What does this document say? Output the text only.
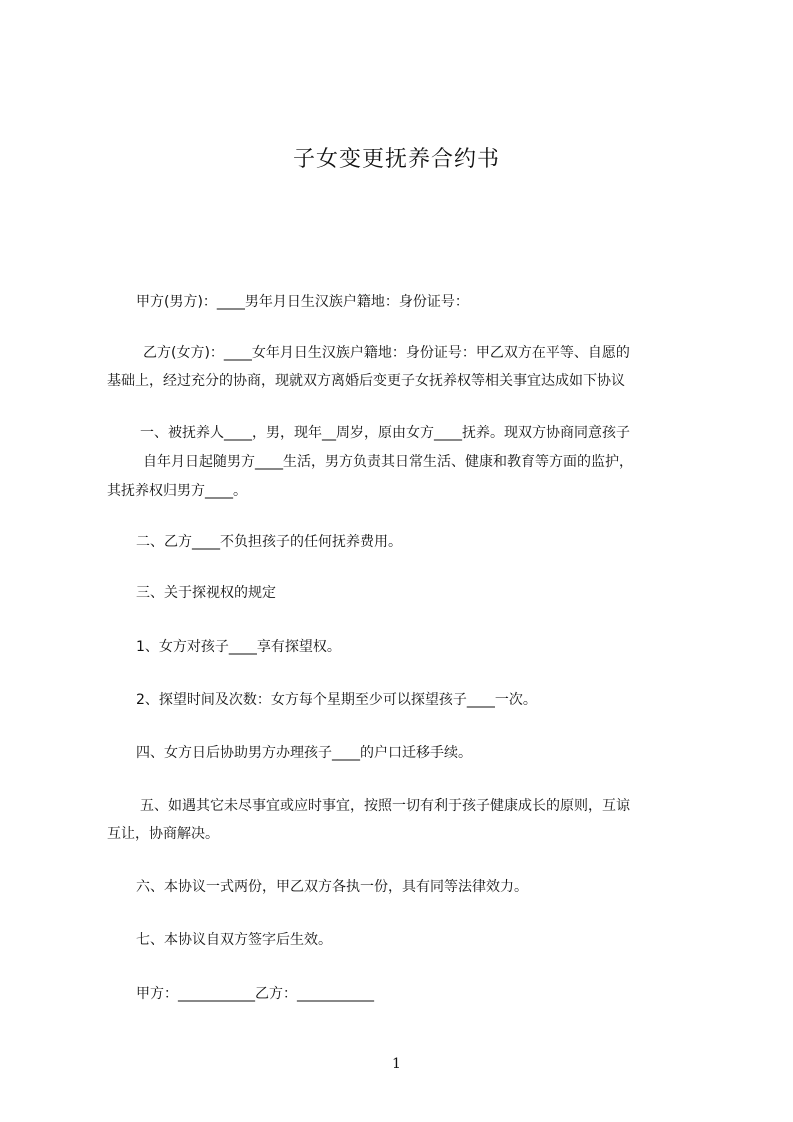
子女变更抚养合约书
甲方(男方)：____男年月日生汉族户籍地：身份证号：
乙方(女方)：____女年月日生汉族户籍地：身份证号：甲乙双方在平等、自愿的
基础上，经过充分的协商，现就双方离婚后变更子女抚养权等相关事宜达成如下协议
一、被抚养人____，男，现年__周岁，原由女方____抚养。现双方协商同意孩子
自年月日起随男方____生活，男方负责其日常生活、健康和教育等方面的监护，
其抚养权归男方____。
二、乙方____不负担孩子的任何抚养费用。
三、关于探视权的规定
1、女方对孩子____享有探望权。
2、探望时间及次数：女方每个星期至少可以探望孩子____一次。
四、女方日后协助男方办理孩子____的户口迁移手续。
五、如遇其它未尽事宜或应时事宜，按照一切有利于孩子健康成长的原则，互谅
互让，协商解决。
六、本协议一式两份，甲乙双方各执一份，具有同等法律效力。
七、本协议自双方签字后生效。
甲方：___________乙方：___________
1
